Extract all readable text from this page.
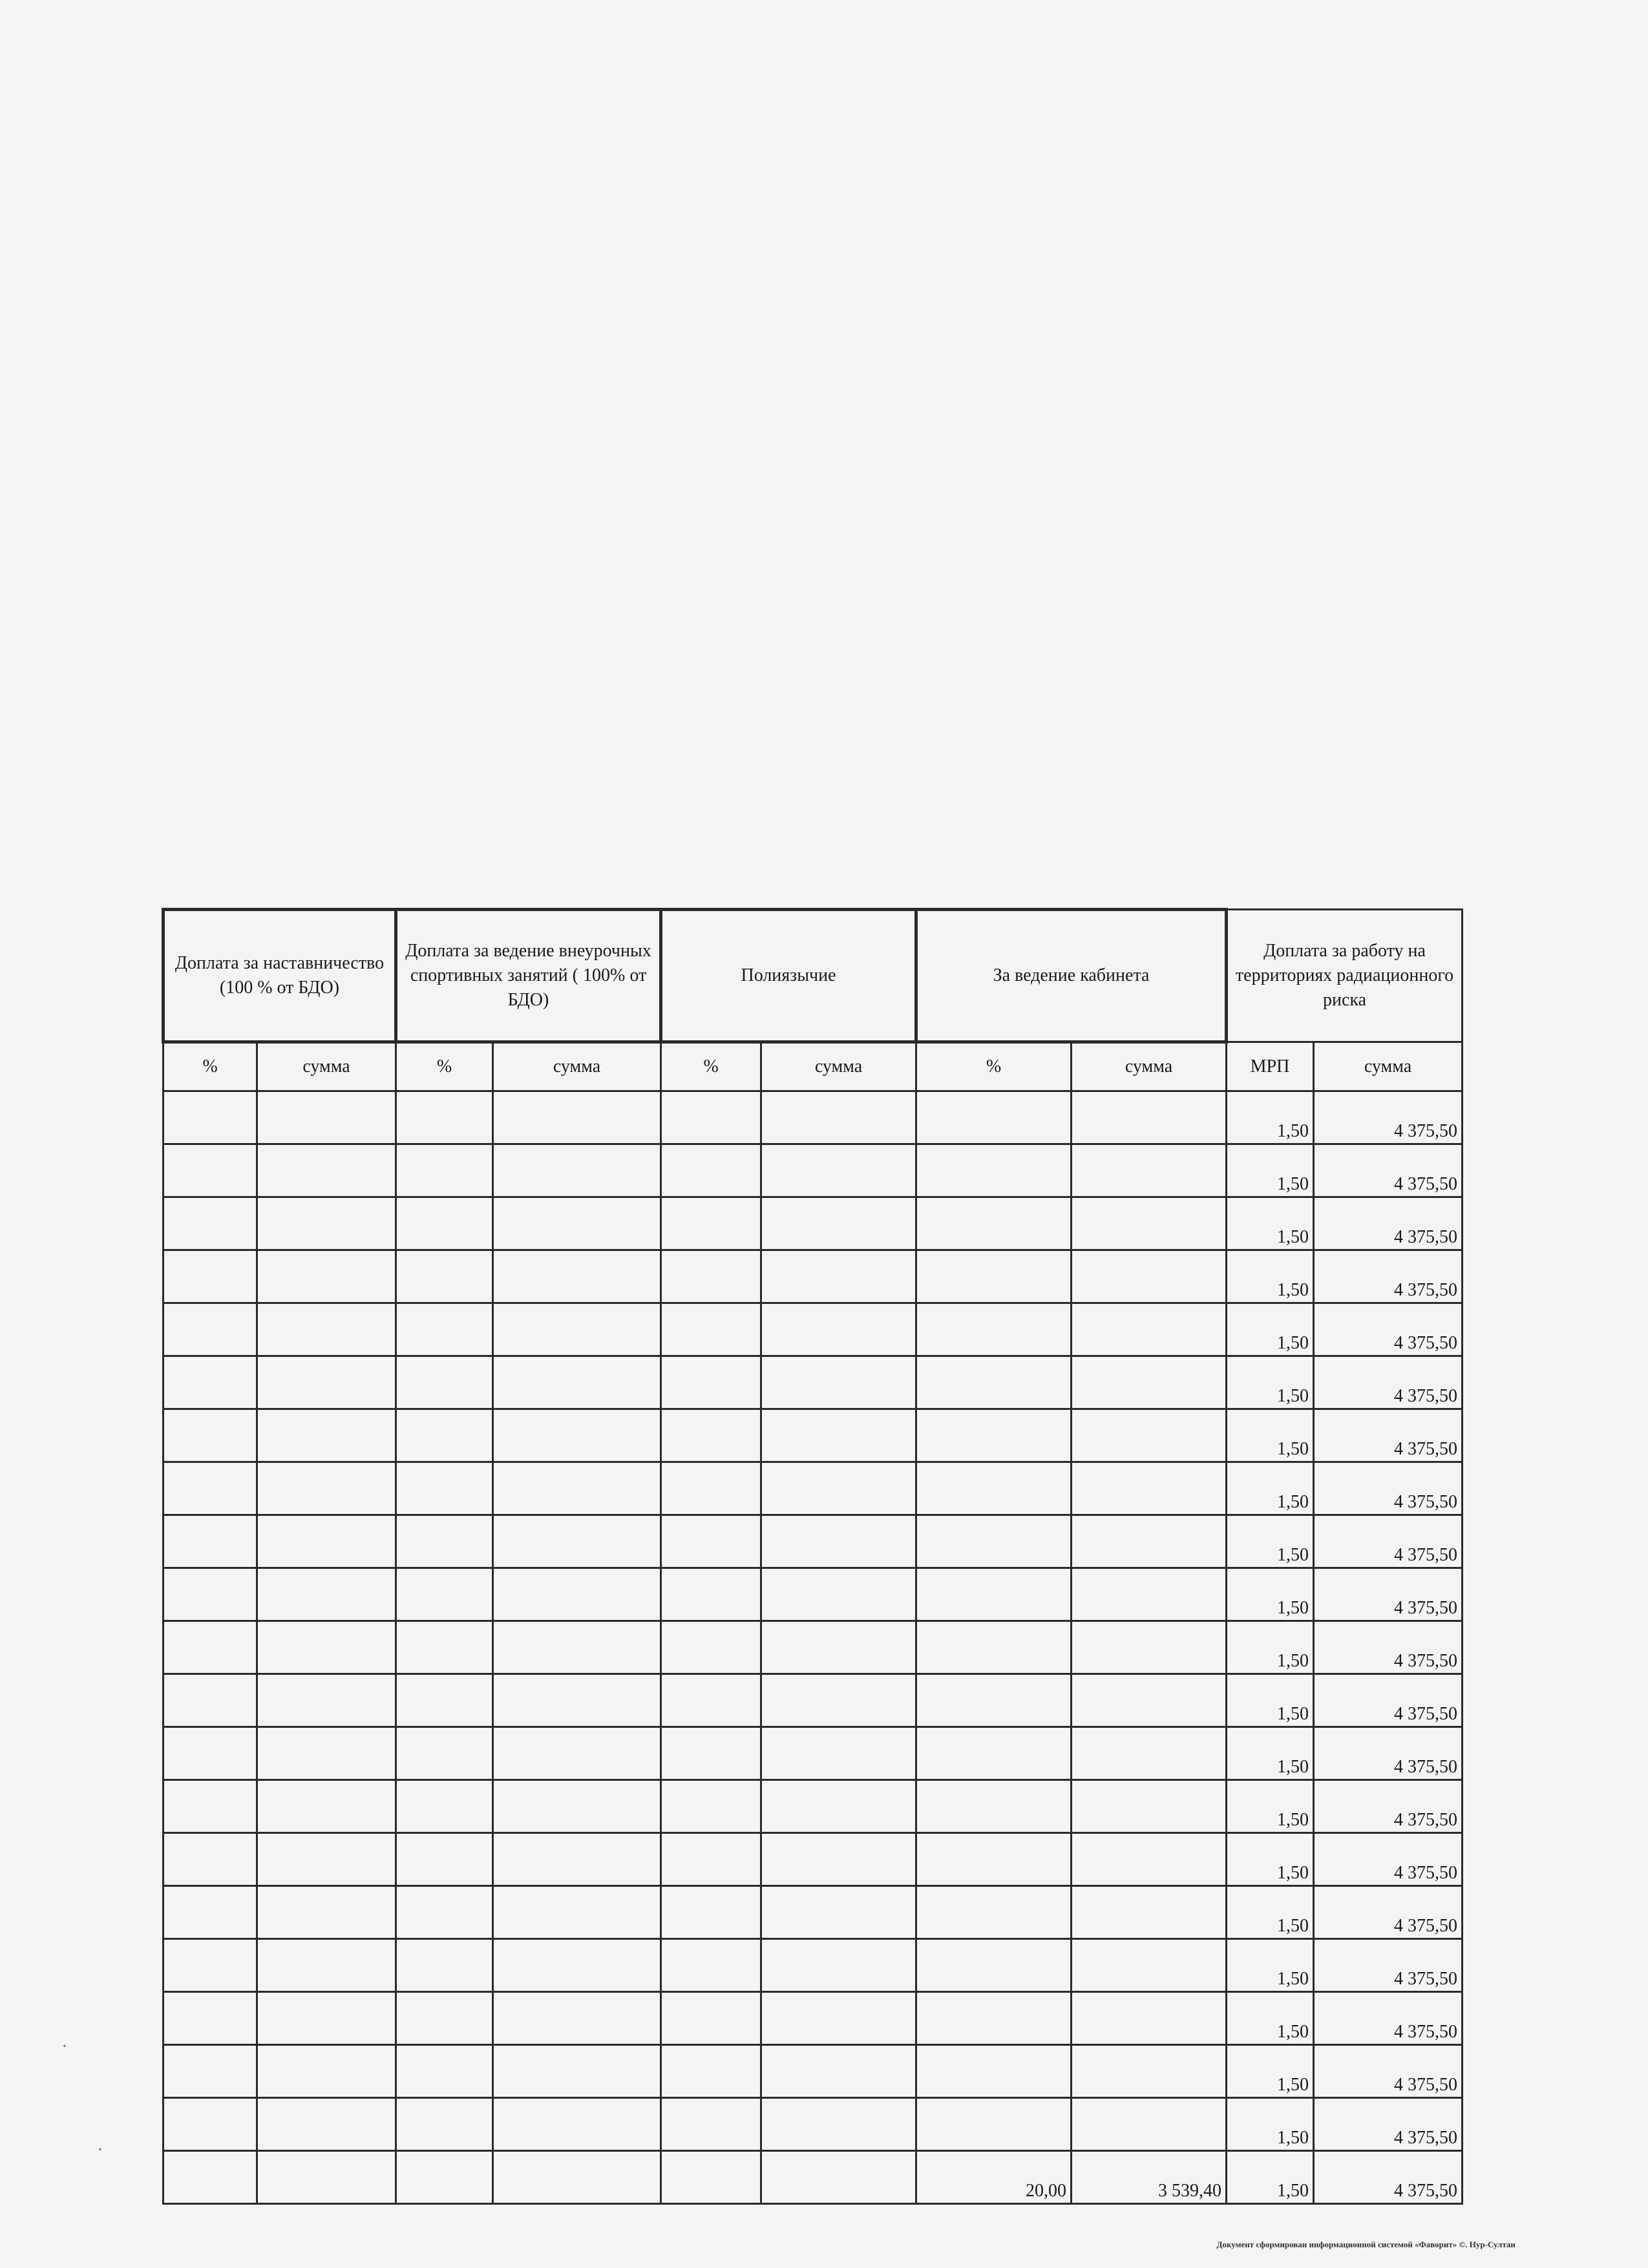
Доплата за наставничество (100 % от БДО)		Доплата за ведение внеурочных спортивных занятий ( 100% от БДО)		Полиязычие		За ведение кабинета		Доплата за работу на территориях радиационного риска	
%	сумма	%	сумма	%	сумма	%	сумма	МРП	сумма
								1,50	4 375,50
								1,50	4 375,50
								1,50	4 375,50
								1,50	4 375,50
								1,50	4 375,50
								1,50	4 375,50
								1,50	4 375,50
								1,50	4 375,50
								1,50	4 375,50
								1,50	4 375,50
								1,50	4 375,50
								1,50	4 375,50
								1,50	4 375,50
								1,50	4 375,50
								1,50	4 375,50
								1,50	4 375,50
								1,50	4 375,50
								1,50	4 375,50
								1,50	4 375,50
								1,50	4 375,50
						20,00	3 539,40	1,50	4 375,50
·
·
Документ сформирован информационной системой «Фаворит» ©. Нур-Султан
